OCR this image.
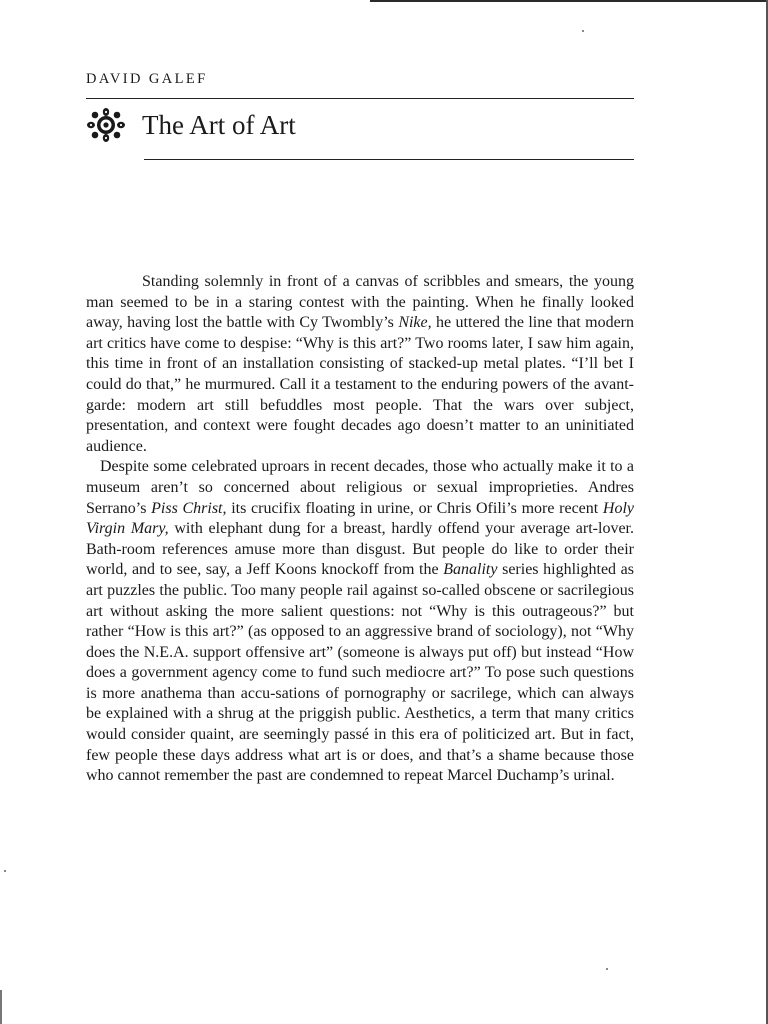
DAVID GALEF
The Art of Art

Standing solemnly in front of a canvas of scribbles and smears, the young man seemed to be in a staring contest with the painting. When he finally looked away, having lost the battle with Cy Twombly’s Nike, he uttered the line that modern art critics have come to despise: “Why is this art?” Two rooms later, I saw him again, this time in front of an installation consisting of stacked-up metal plates. “I’ll bet I could do that,” he murmured. Call it a testament to the enduring powers of the avant-garde: modern art still befuddles most people. That the wars over subject, presentation, and context were fought decades ago doesn’t matter to an uninitiated audience.

Despite some celebrated uproars in recent decades, those who actually make it to a museum aren’t so concerned about religious or sexual improprieties. Andres Serrano’s Piss Christ, its crucifix floating in urine, or Chris Ofili’s more recent Holy Virgin Mary, with elephant dung for a breast, hardly offend your average art-lover. Bath-room references amuse more than disgust. But people do like to order their world, and to see, say, a Jeff Koons knockoff from the Banality series highlighted as art puzzles the public. Too many people rail against so-called obscene or sacrilegious art without asking the more salient questions: not “Why is this outrageous?” but rather “How is this art?” (as opposed to an aggressive brand of sociology), not “Why does the N.E.A. support offensive art” (someone is always put off) but instead “How does a government agency come to fund such mediocre art?” To pose such questions is more anathema than accu-sations of pornography or sacrilege, which can always be explained with a shrug at the priggish public. Aesthetics, a term that many critics would consider quaint, are seemingly passé in this era of politicized art. But in fact, few people these days address what art is or does, and that’s a shame because those who cannot remember the past are condemned to repeat Marcel Duchamp’s urinal.
